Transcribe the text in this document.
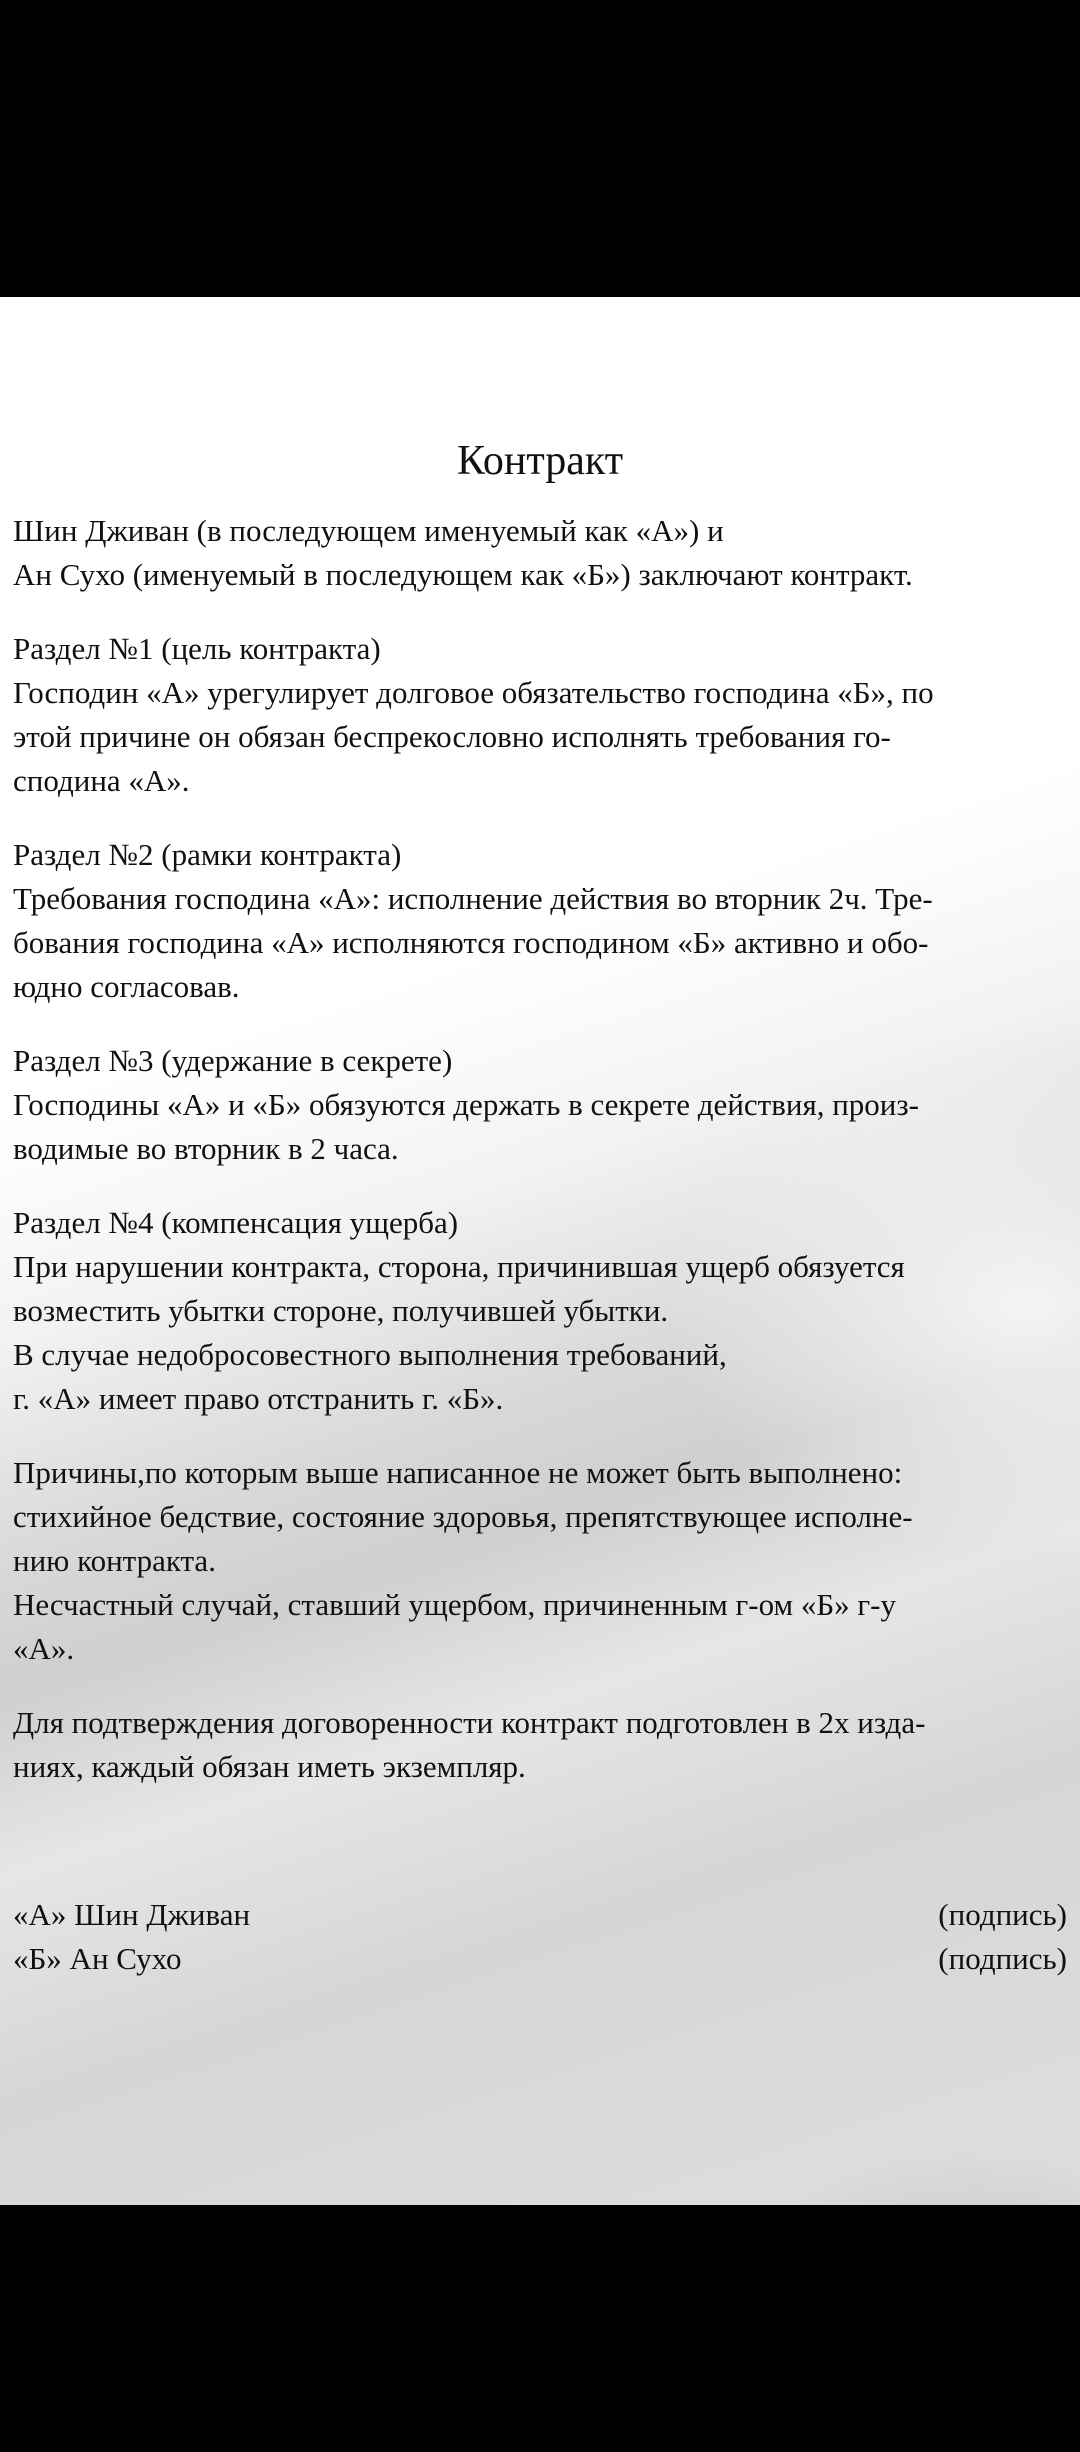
Контракт
Шин Дживан (в последующем именуемый как «А») и
Ан Сухо (именуемый в последующем как «Б») заключают контракт.
Раздел №1 (цель контракта)
Господин «А» урегулирует долговое обязательство господина «Б», по
этой причине он обязан беспрекословно исполнять требования го-
сподина «А».
Раздел №2 (рамки контракта)
Требования господина «А»: исполнение действия во вторник 2ч. Тре-
бования господина «А» исполняются господином «Б» активно и обо-
юдно согласовав.
Раздел №3 (удержание в секрете)
Господины «А» и «Б» обязуются держать в секрете действия, произ-
водимые во вторник в 2 часа.
Раздел №4 (компенсация ущерба)
При нарушении контракта, сторона, причинившая ущерб обязуется
возместить убытки стороне, получившей убытки.
В случае недобросовестного выполнения требований,
г. «А» имеет право отстранить г. «Б».
Причины,по которым выше написанное не может быть выполнено:
стихийное бедствие, состояние здоровья, препятствующее исполне-
нию контракта.
Несчастный случай, ставший ущербом, причиненным г-ом «Б» г-у
«А».
Для подтверждения договоренности контракт подготовлен в 2х изда-
ниях, каждый обязан иметь экземпляр.
«А» Шин Дживан	(подпись)
«Б» Ан Сухо	(подпись)
